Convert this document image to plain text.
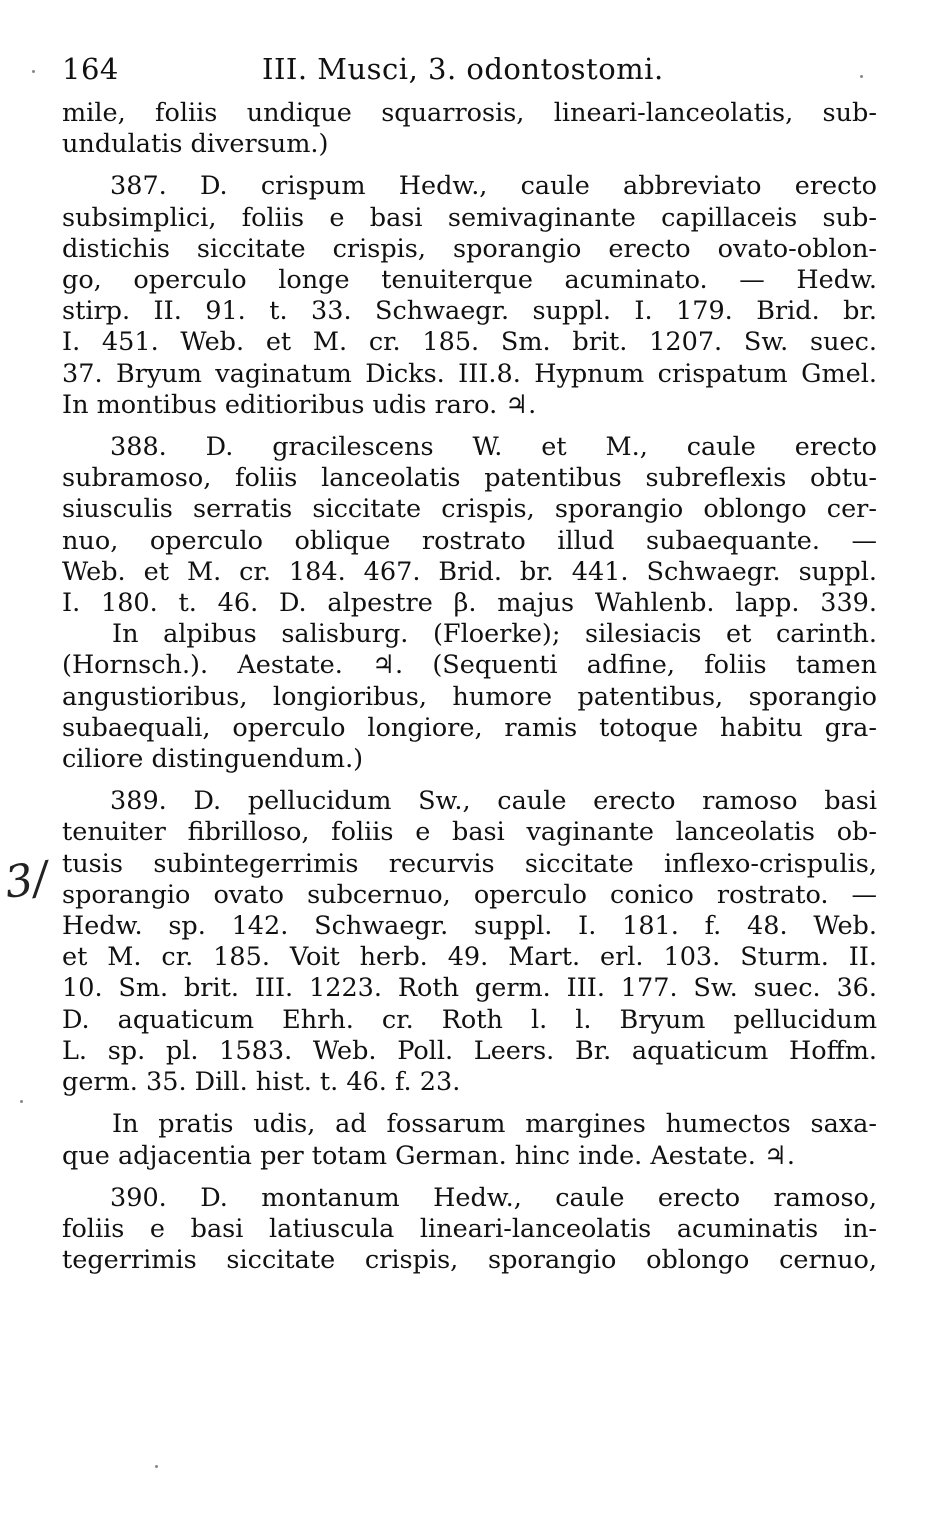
164	III. Musci, 3. odontostomi.
mile, foliis undique squarrosis, lineari-lanceolatis, sub-
undulatis diversum.)
387. D. crispum Hedw., caule abbreviato erecto
subsimplici, foliis e basi semivaginante capillaceis sub-
distichis siccitate crispis, sporangio erecto ovato-oblon-
go, operculo longe tenuiterque acuminato. — Hedw.
stirp. II. 91. t. 33. Schwaegr. suppl. I. 179. Brid. br.
I. 451. Web. et M. cr. 185. Sm. brit. 1207. Sw. suec.
37. Bryum vaginatum Dicks. III.8. Hypnum crispatum Gmel.
In montibus editioribus udis raro. ♃.
388. D. gracilescens W. et M., caule erecto
subramoso, foliis lanceolatis patentibus subreflexis obtu-
siusculis serratis siccitate crispis, sporangio oblongo cer-
nuo, operculo oblique rostrato illud subaequante. —
Web. et M. cr. 184. 467. Brid. br. 441. Schwaegr. suppl.
I. 180. t. 46. D. alpestre β. majus Wahlenb. lapp. 339.
In alpibus salisburg. (Floerke); silesiacis et carinth.
(Hornsch.). Aestate. ♃. (Sequenti adfine, foliis tamen
angustioribus, longioribus, humore patentibus, sporangio
subaequali, operculo longiore, ramis totoque habitu gra-
ciliore distinguendum.)
389. D. pellucidum Sw., caule erecto ramoso basi
tenuiter fibrilloso, foliis e basi vaginante lanceolatis ob-
tusis subintegerrimis recurvis siccitate inflexo-crispulis,
sporangio ovato subcernuo, operculo conico rostrato. —
Hedw. sp. 142. Schwaegr. suppl. I. 181. f. 48. Web.
et M. cr. 185. Voit herb. 49. Mart. erl. 103. Sturm. II.
10. Sm. brit. III. 1223. Roth germ. III. 177. Sw. suec. 36.
D. aquaticum Ehrh. cr. Roth l. l. Bryum pellucidum
L. sp. pl. 1583. Web. Poll. Leers. Br. aquaticum Hoffm.
germ. 35. Dill. hist. t. 46. f. 23.
In pratis udis, ad fossarum margines humectos saxa-
que adjacentia per totam German. hinc inde. Aestate. ♃.
390. D. montanum Hedw., caule erecto ramoso,
foliis e basi latiuscula lineari-lanceolatis acuminatis in-
tegerrimis siccitate crispis, sporangio oblongo cernuo,
3/
